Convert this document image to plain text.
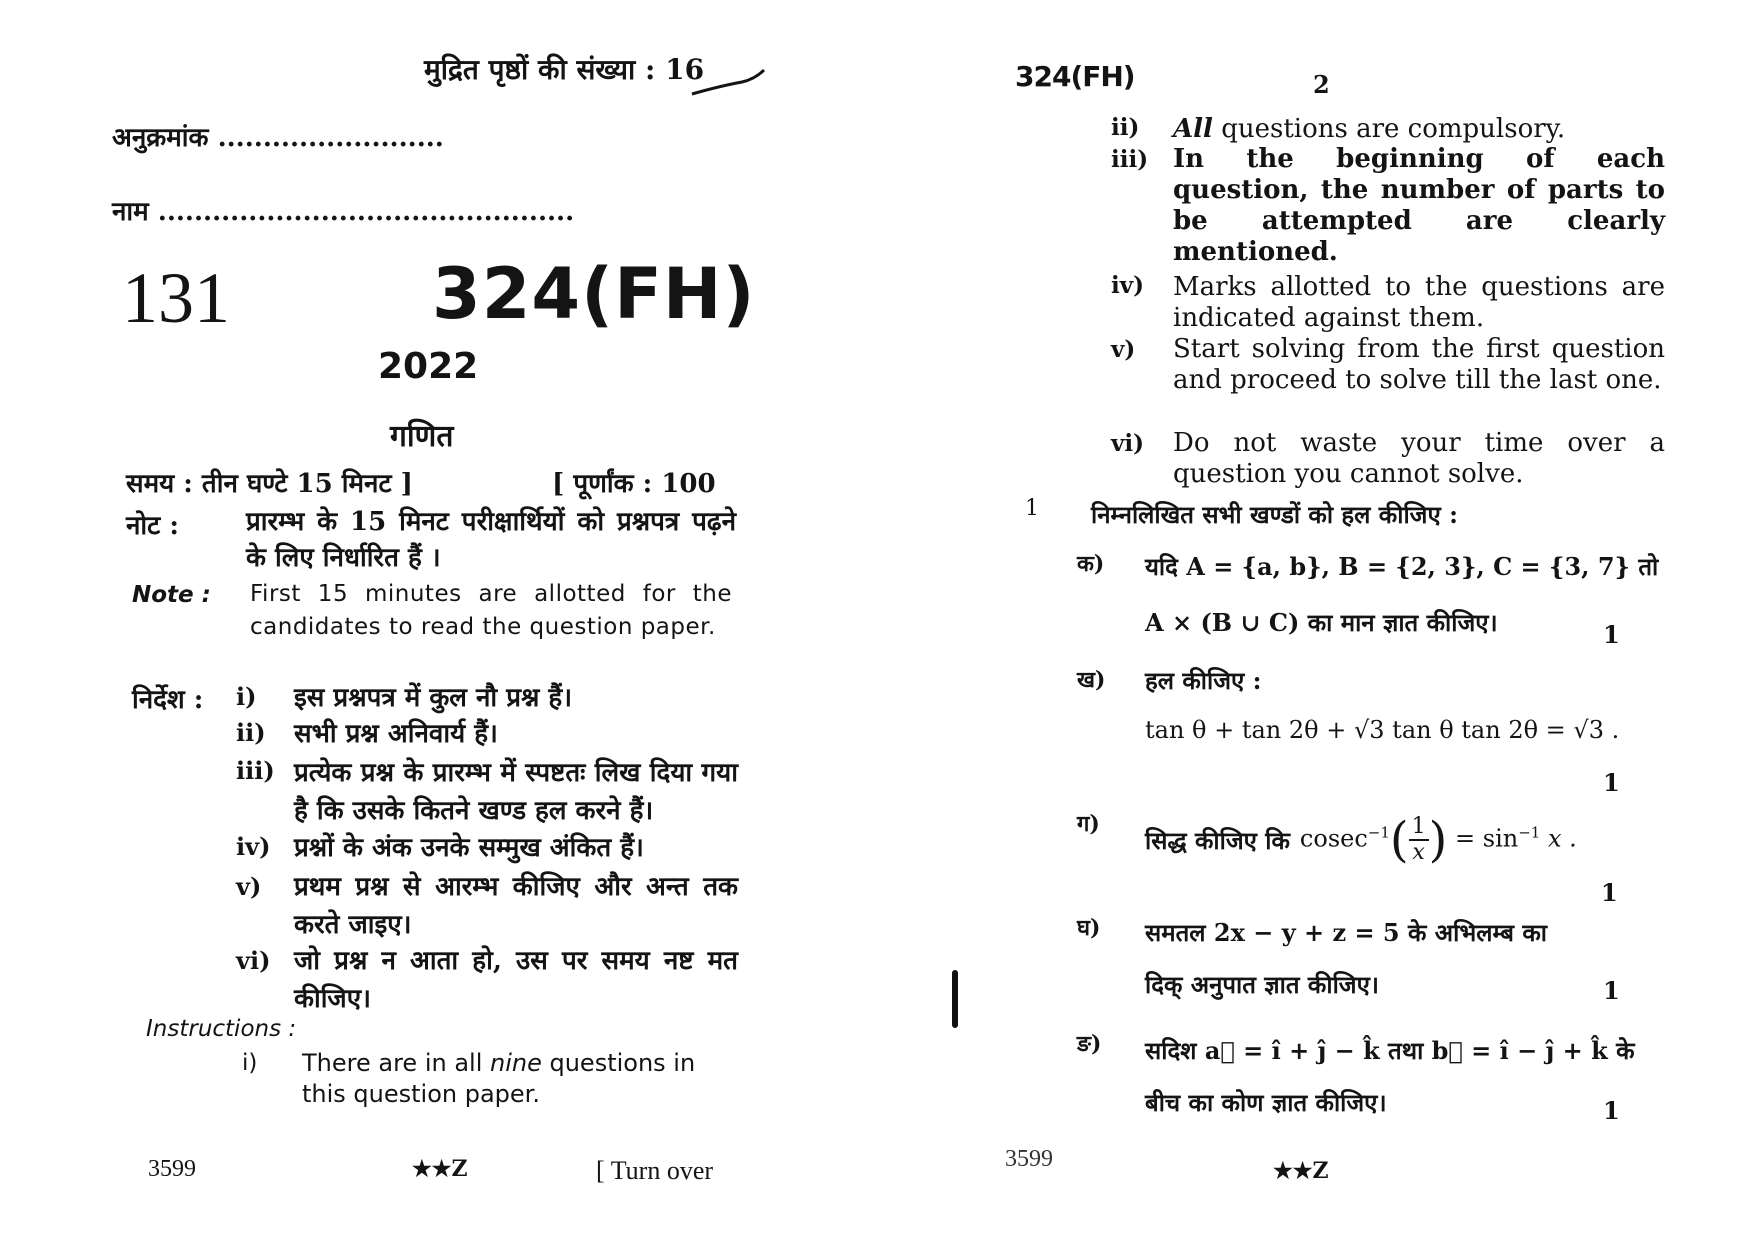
मुद्रित पृष्ठों की संख्या : 16
अनुक्रमांक .........................
नाम ..............................................
131	324(FH)
2022
गणित
समय : तीन घण्टे 15 मिनट ]	[ पूर्णांक : 100
नोट :	प्रारम्भ के 15 मिनट परीक्षार्थियों को प्रश्नपत्र पढ़ने के लिए निर्धारित हैं ।
Note : First 15 minutes are allotted for the candidates to read the question paper.
निर्देश : i) इस प्रश्नपत्र में कुल नौ प्रश्न हैं।
ii) सभी प्रश्न अनिवार्य हैं।
iii) प्रत्येक प्रश्न के प्रारम्भ में स्पष्टतः लिख दिया गया है कि उसके कितने खण्ड हल करने हैं।
iv) प्रश्नों के अंक उनके सम्मुख अंकित हैं।
v) प्रथम प्रश्न से आरम्भ कीजिए और अन्त तक करते जाइए।
vi) जो प्रश्न न आता हो, उस पर समय नष्ट मत कीजिए।
Instructions :
i) There are in all nine questions in this question paper.
3599	★★Z	[ Turn over
324(FH)	2
ii) All questions are compulsory.
iii) In the beginning of each question, the number of parts to be attempted are clearly mentioned.
iv) Marks allotted to the questions are indicated against them.
v) Start solving from the first question and proceed to solve till the last one.
vi) Do not waste your time over a question you cannot solve.
1 निम्नलिखित सभी खण्डों को हल कीजिए :
क) यदि A = {a, b}, B = {2, 3}, C = {3, 7} तो
A × (B ∪ C) का मान ज्ञात कीजिए।	1
ख) हल कीजिए :
tan θ + tan 2θ + √3 tan θ tan 2θ = √3 .
1
ग)
सिद्ध कीजिए कि $cosec^{-1}( \frac{1}{x}$ ) = $\sin^{-1} x$ .
1
घ) समतल 2x − y + z = 5 के अभिलम्ब का
दिक् अनुपात ज्ञात कीजिए।	1
ङ) सदिश a⃗ = î + ĵ − k̂ तथा b⃗ = î − ĵ + k̂ के
बीच का कोण ज्ञात कीजिए।	1
3599	★★Z
